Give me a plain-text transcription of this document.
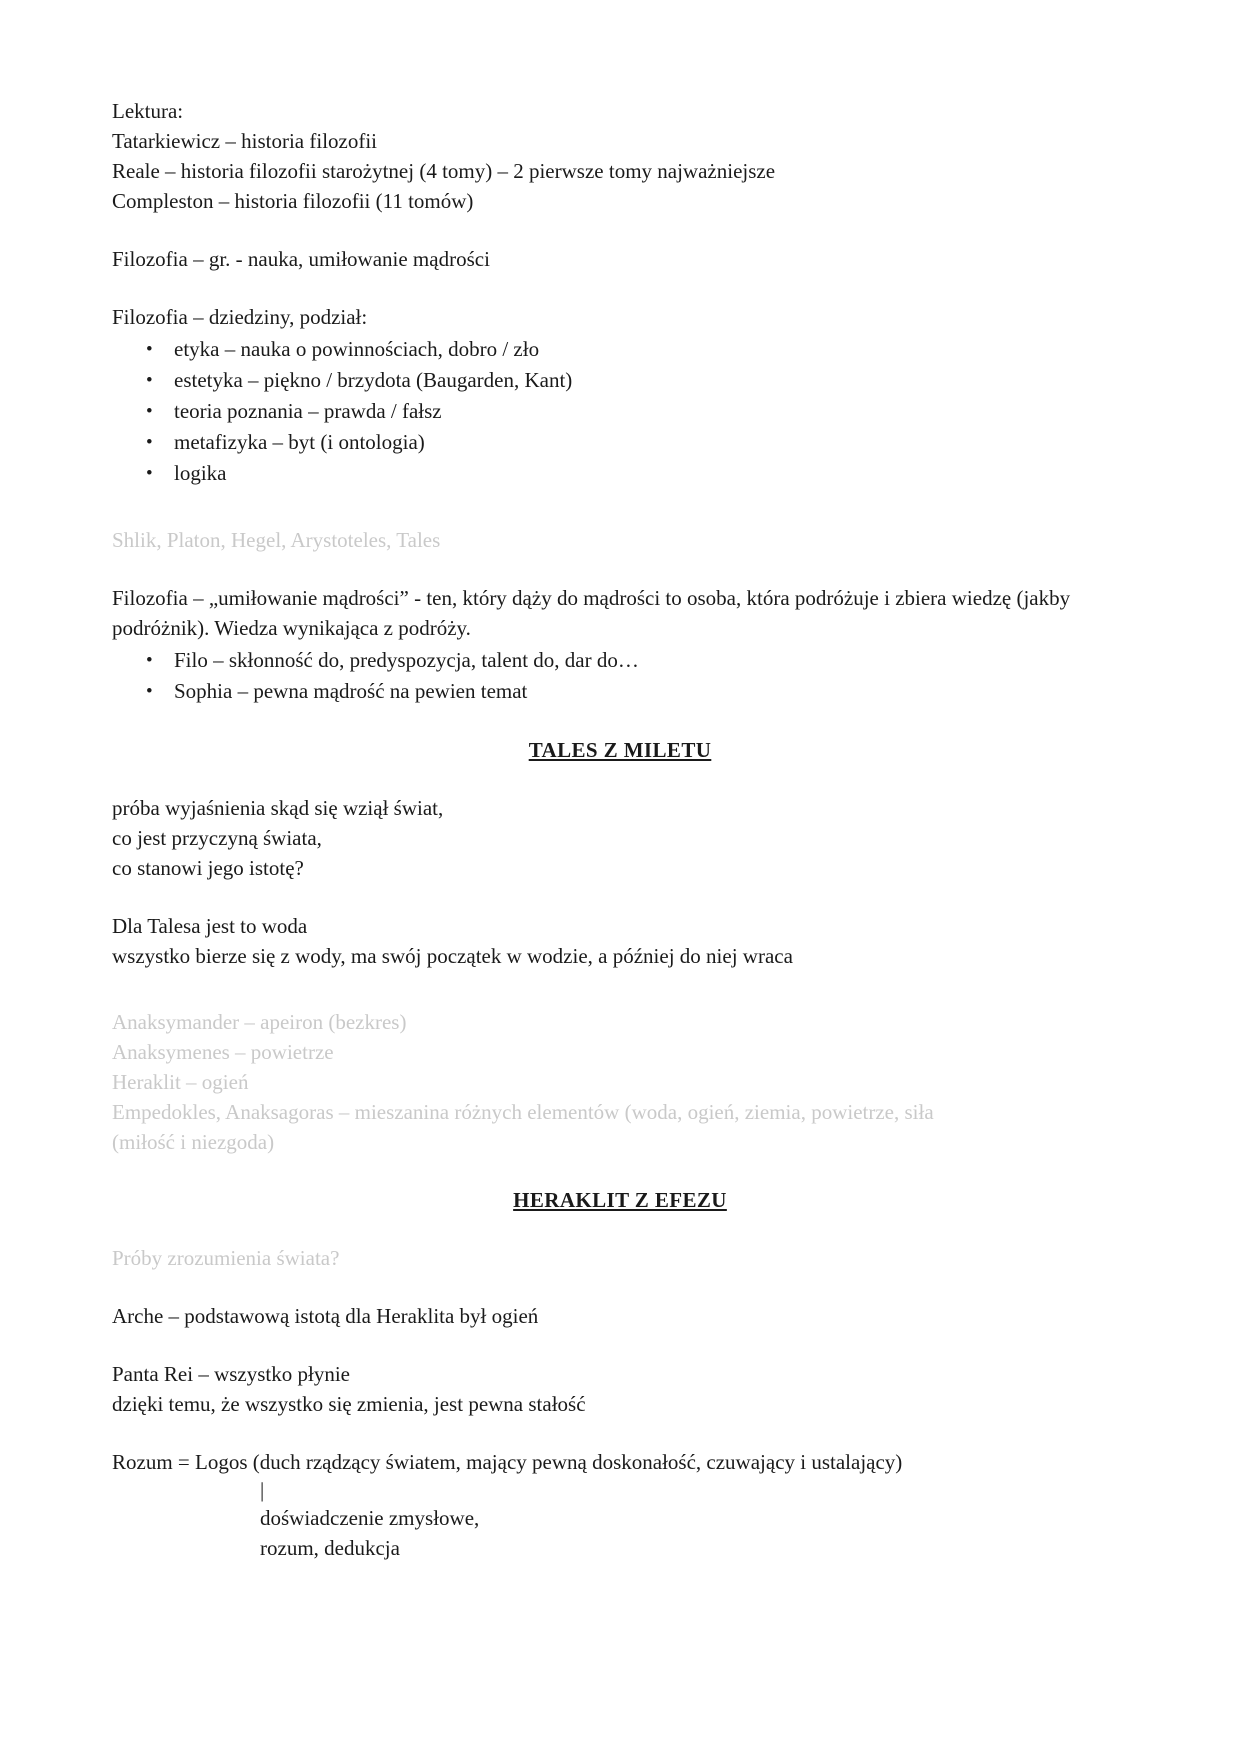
Lektura:
Tatarkiewicz – historia filozofii
Reale – historia filozofii starożytnej (4 tomy) – 2 pierwsze tomy najważniejsze
Compleston – historia filozofii (11 tomów)
Filozofia – gr. - nauka, umiłowanie mądrości
Filozofia – dziedziny, podział:
• etyka – nauka o powinnościach, dobro / zło
• estetyka – piękno / brzydota (Baugarden, Kant)
• teoria poznania – prawda / fałsz
• metafizyka – byt (i ontologia)
• logika
Shlik, Platon, Hegel, Arystoteles, Tales
Filozofia – „umiłowanie mądrości” - ten, który dąży do mądrości to osoba, która podróżuje i zbiera wiedzę (jakby podróżnik). Wiedza wynikająca z podróży.
• Filo – skłonność do, predyspozycja, talent do, dar do…
• Sophia – pewna mądrość na pewien temat
TALES Z MILETU
próba wyjaśnienia skąd się wziął świat,
co jest przyczyną świata,
co stanowi jego istotę?
Dla Talesa jest to woda
wszystko bierze się z wody, ma swój początek w wodzie, a później do niej wraca
Anaksymander – apeiron (bezkres)
Anaksymenes – powietrze
Heraklit – ogień
Empedokles, Anaksagoras – mieszanina różnych elementów (woda, ogień, ziemia, powietrze, siła
(miłość i niezgoda)
HERAKLIT Z EFEZU
Próby zrozumienia świata?
Arche – podstawową istotą dla Heraklita był ogień
Panta Rei – wszystko płynie
dzięki temu, że wszystko się zmienia, jest pewna stałość
Rozum = Logos (duch rządzący światem, mający pewną doskonałość, czuwający i ustalający)
|
doświadczenie zmysłowe,
rozum, dedukcja
